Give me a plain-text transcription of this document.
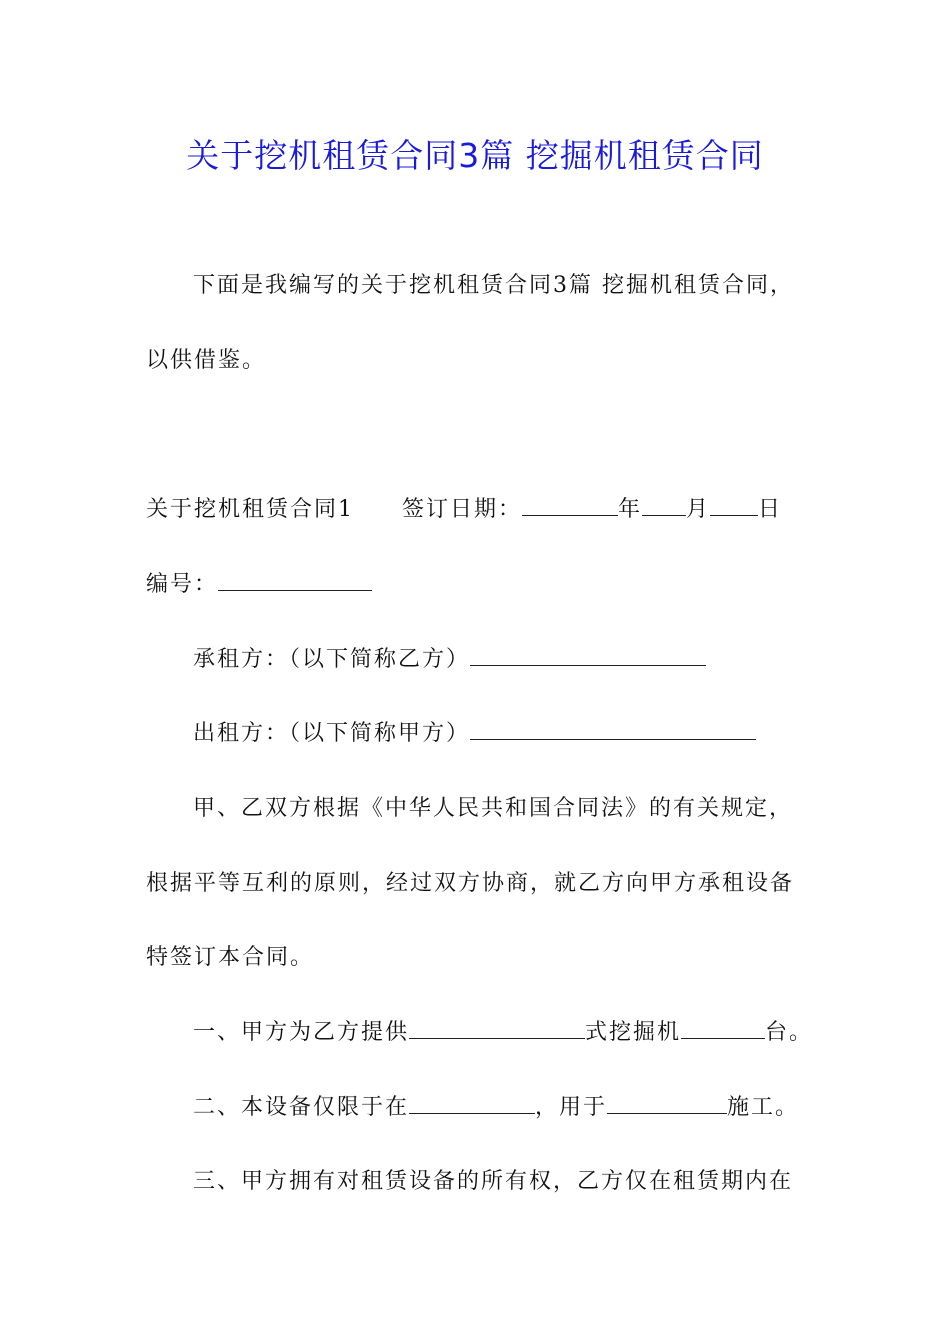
关于挖机租赁合同3篇 挖掘机租赁合同
下面是我编写的关于挖机租赁合同3篇 挖掘机租赁合同，
以供借鉴。
关于挖机租赁合同1 签订日期：	年 月 日
编号：
承租方：（以下简称乙方）
出租方：（以下简称甲方）
甲、乙双方根据《中华人民共和国合同法》的有关规定，
根据平等互利的原则，经过双方协商，就乙方向甲方承租设备
特签订本合同。
一、甲方为乙方提供	式挖掘机	台。
二、本设备仅限于在	，用于	施工。
三、甲方拥有对租赁设备的所有权，乙方仅在租赁期内在
